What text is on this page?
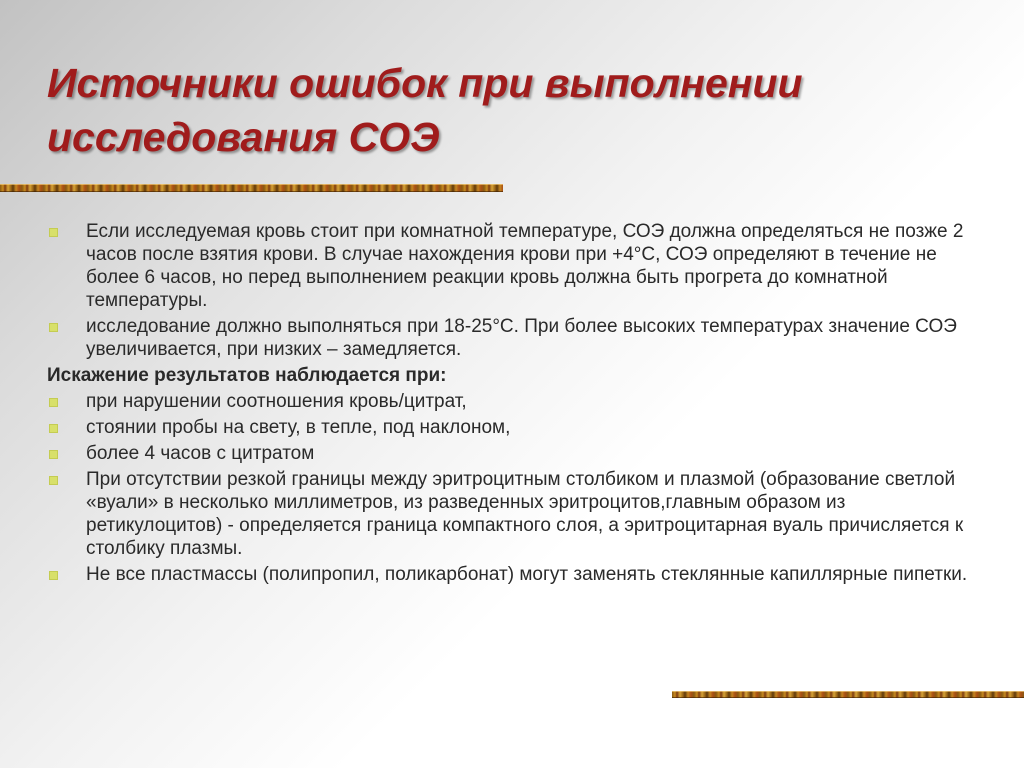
Источники ошибок при выполнении
исследования СОЭ
Если исследуемая кровь стоит при комнатной температуре, СОЭ должна определяться не позже 2 часов после взятия крови. В случае нахождения крови при +4°С, СОЭ определяют в течение не более 6 часов, но перед выполнением реакции кровь должна быть прогрета до комнатной температуры.
исследование должно выполняться при 18-25°С. При более высоких температурах значение СОЭ увеличивается, при низких – замедляется.
Искажение результатов наблюдается при:
при нарушении соотношения кровь/цитрат,
стоянии пробы на свету, в тепле, под наклоном,
более 4 часов с цитратом
При отсутствии резкой границы между эритроцитным столбиком и плазмой (образование светлой «вуали» в несколько миллиметров, из разведенных эритроцитов,главным образом из ретикулоцитов) - определяется граница компактного слоя, а эритроцитарная вуаль причисляется к столбику плазмы.
Не все пластмассы (полипропил, поликарбонат) могут заменять стеклянные капиллярные пипетки.
